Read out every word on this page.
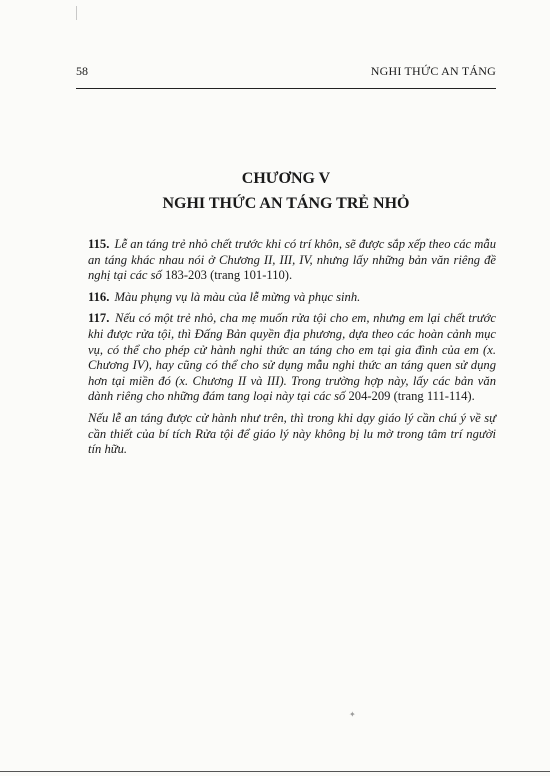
58	NGHI THỨC AN TÁNG
CHƯƠNG V
NGHI THỨC AN TÁNG TRẺ NHỎ

115. Lễ an táng trẻ nhỏ chết trước khi có trí khôn, sẽ được sắp xếp theo các mẫu an táng khác nhau nói ở Chương II, III, IV, nhưng lấy những bản văn riêng đề nghị tại các số 183-203 (trang 101-110).

116. Màu phụng vụ là màu của lễ mừng và phục sinh.

117. Nếu có một trẻ nhỏ, cha mẹ muốn rửa tội cho em, nhưng em lại chết trước khi được rửa tội, thì Đấng Bản quyền địa phương, dựa theo các hoàn cảnh mục vụ, có thể cho phép cử hành nghi thức an táng cho em tại gia đình của em (x. Chương IV), hay cũng có thể cho sử dụng mẫu nghi thức an táng quen sử dụng hơn tại miền đó (x. Chương II và III). Trong trường hợp này, lấy các bản văn dành riêng cho những đám tang loại này tại các số 204-209 (trang 111-114).

Nếu lễ an táng được cử hành như trên, thì trong khi dạy giáo lý cần chú ý về sự cần thiết của bí tích Rửa tội để giáo lý này không bị lu mờ trong tâm trí người tín hữu.

✦
